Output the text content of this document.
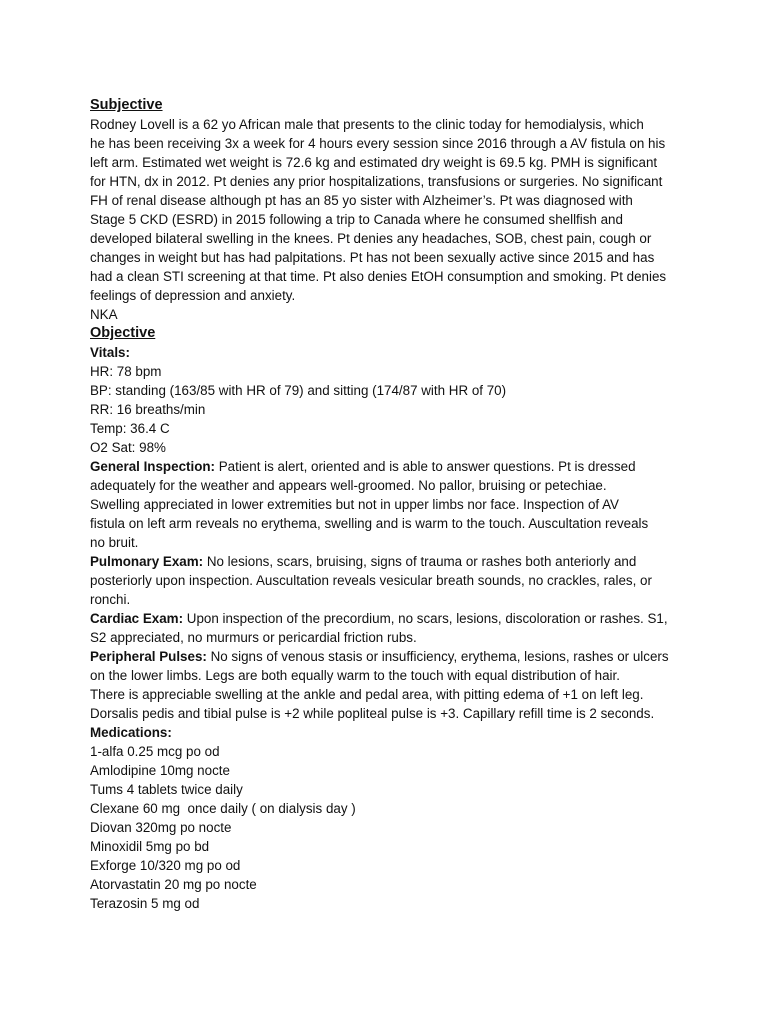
Subjective

Rodney Lovell is a 62 yo African male that presents to the clinic today for hemodialysis, which
he has been receiving 3x a week for 4 hours every session since 2016 through a AV fistula on his
left arm. Estimated wet weight is 72.6 kg and estimated dry weight is 69.5 kg. PMH is significant
for HTN, dx in 2012. Pt denies any prior hospitalizations, transfusions or surgeries. No significant
FH of renal disease although pt has an 85 yo sister with Alzheimer’s. Pt was diagnosed with
Stage 5 CKD (ESRD) in 2015 following a trip to Canada where he consumed shellfish and
developed bilateral swelling in the knees. Pt denies any headaches, SOB, chest pain, cough or
changes in weight but has had palpitations. Pt has not been sexually active since 2015 and has
had a clean STI screening at that time. Pt also denies EtOH consumption and smoking. Pt denies
feelings of depression and anxiety.

NKA

Objective

Vitals:

HR: 78 bpm

BP: standing (163/85 with HR of 79) and sitting (174/87 with HR of 70)

RR: 16 breaths/min

Temp: 36.4 C

O2 Sat: 98%

General Inspection: Patient is alert, oriented and is able to answer questions. Pt is dressed
adequately for the weather and appears well-groomed. No pallor, bruising or petechiae.
Swelling appreciated in lower extremities but not in upper limbs nor face. Inspection of AV
fistula on left arm reveals no erythema, swelling and is warm to the touch. Auscultation reveals
no bruit.

Pulmonary Exam: No lesions, scars, bruising, signs of trauma or rashes both anteriorly and
posteriorly upon inspection. Auscultation reveals vesicular breath sounds, no crackles, rales, or
ronchi.

Cardiac Exam: Upon inspection of the precordium, no scars, lesions, discoloration or rashes. S1,
S2 appreciated, no murmurs or pericardial friction rubs.

Peripheral Pulses: No signs of venous stasis or insufficiency, erythema, lesions, rashes or ulcers
on the lower limbs. Legs are both equally warm to the touch with equal distribution of hair.
There is appreciable swelling at the ankle and pedal area, with pitting edema of +1 on left leg.
Dorsalis pedis and tibial pulse is +2 while popliteal pulse is +3. Capillary refill time is 2 seconds.

Medications:

1-alfa 0.25 mcg po od

Amlodipine 10mg nocte

Tums 4 tablets twice daily

Clexane 60 mg  once daily ( on dialysis day )

Diovan 320mg po nocte

Minoxidil 5mg po bd

Exforge 10/320 mg po od

Atorvastatin 20 mg po nocte

Terazosin 5 mg od
